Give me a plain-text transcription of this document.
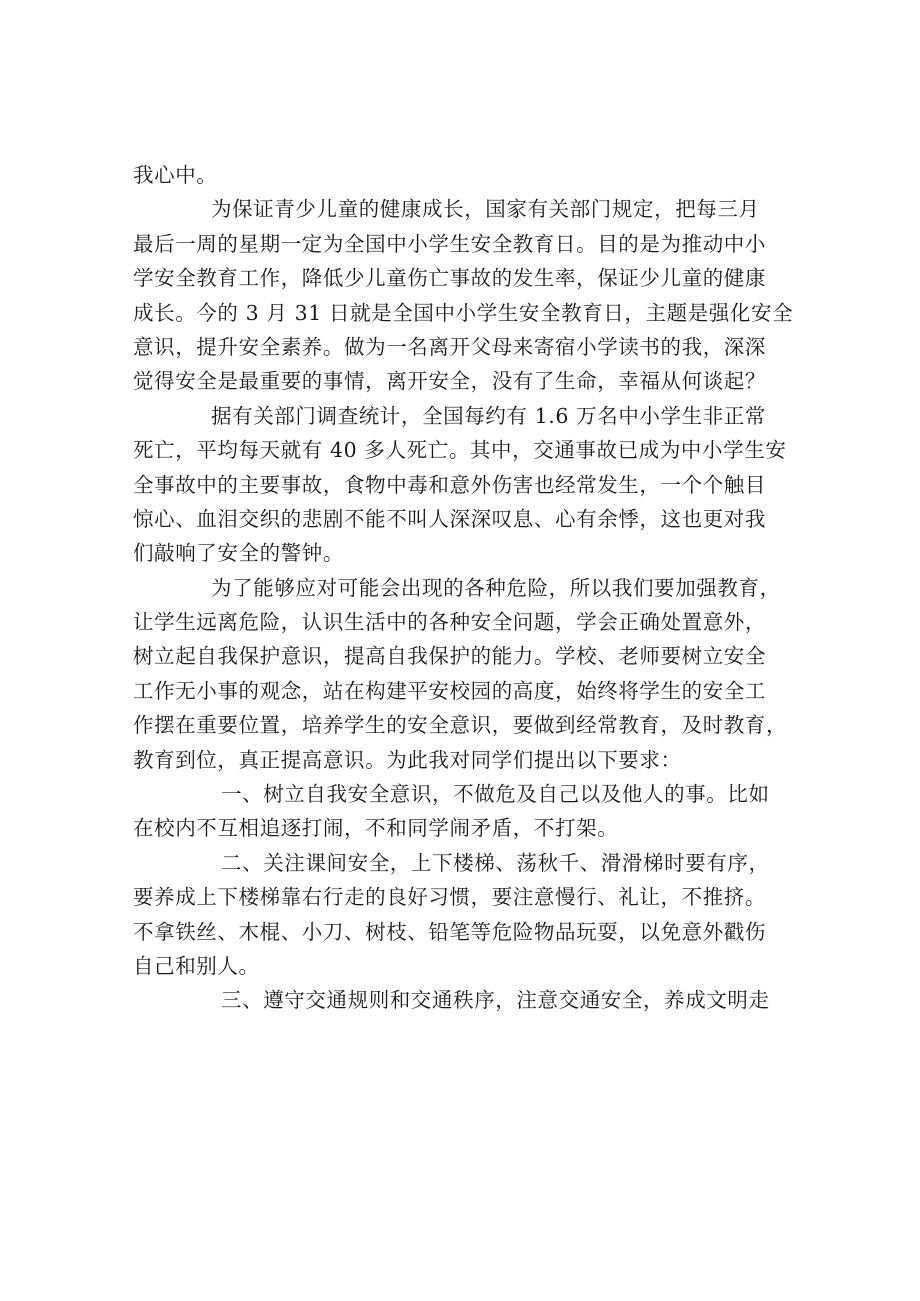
我心中。
为保证青少儿童的健康成长，国家有关部门规定，把每三月
最后一周的星期一定为全国中小学生安全教育日。目的是为推动中小
学安全教育工作，降低少儿童伤亡事故的发生率，保证少儿童的健康
成长。今的 3 月 31 日就是全国中小学生安全教育日，主题是强化安全
意识，提升安全素养。做为一名离开父母来寄宿小学读书的我，深深
觉得安全是最重要的事情，离开安全，没有了生命，幸福从何谈起？
据有关部门调查统计，全国每约有 1.6 万名中小学生非正常
死亡，平均每天就有 40 多人死亡。其中，交通事故已成为中小学生安
全事故中的主要事故，食物中毒和意外伤害也经常发生，一个个触目
惊心、血泪交织的悲剧不能不叫人深深叹息、心有余悸，这也更对我
们敲响了安全的警钟。
为了能够应对可能会出现的各种危险，所以我们要加强教育，
让学生远离危险，认识生活中的各种安全问题，学会正确处置意外，
树立起自我保护意识，提高自我保护的能力。学校、老师要树立安全
工作无小事的观念，站在构建平安校园的高度，始终将学生的安全工
作摆在重要位置，培养学生的安全意识，要做到经常教育，及时教育，
教育到位，真正提高意识。为此我对同学们提出以下要求：
一、树立自我安全意识，不做危及自己以及他人的事。比如
在校内不互相追逐打闹，不和同学闹矛盾，不打架。
二、关注课间安全，上下楼梯、荡秋千、滑滑梯时要有序，
要养成上下楼梯靠右行走的良好习惯，要注意慢行、礼让，不推挤。
不拿铁丝、木棍、小刀、树枝、铅笔等危险物品玩耍，以免意外戳伤
自己和别人。
三、遵守交通规则和交通秩序，注意交通安全，养成文明走
